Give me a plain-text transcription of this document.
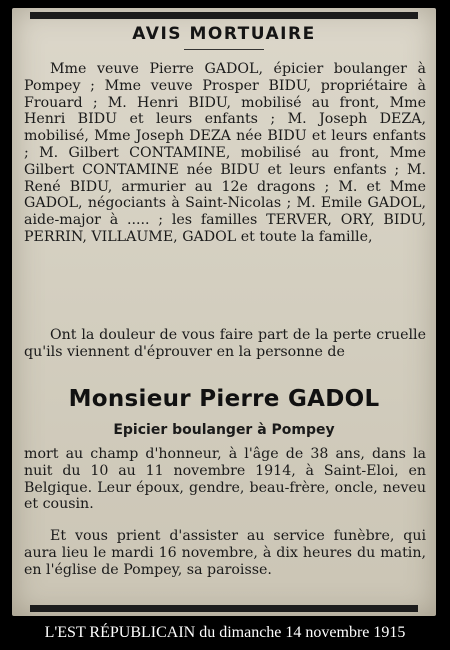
AVIS MORTUAIRE
Mme veuve Pierre GADOL, épicier boulanger à Pompey ; Mme veuve Prosper BIDU, propriétaire à Frouard ; M. Henri BIDU, mobilisé au front, Mme Henri BIDU et leurs enfants ; M. Joseph DEZA, mobilisé, Mme Joseph DEZA née BIDU et leurs enfants ; M. Gilbert CONTAMINE, mobilisé au front, Mme Gilbert CONTAMINE née BIDU et leurs enfants ; M. René BIDU, armurier au 12e dragons ; M. et Mme GADOL, négociants à Saint-Nicolas ; M. Emile GADOL, aide-major à ..... ; les familles TERVER, ORY, BIDU, PERRIN, VILLAUME, GADOL et toute la famille,
Ont la douleur de vous faire part de la perte cruelle qu'ils viennent d'éprouver en la personne de
Monsieur Pierre GADOL
Epicier boulanger à Pompey
mort au champ d'honneur, à l'âge de 38 ans, dans la nuit du 10 au 11 novembre 1914, à Saint-Eloi, en Belgique. Leur époux, gendre, beau-frère, oncle, neveu et cousin.
Et vous prient d'assister au service funèbre, qui aura lieu le mardi 16 novembre, à dix heures du matin, en l'église de Pompey, sa paroisse.
L'EST RÉPUBLICAIN du dimanche 14 novembre 1915
